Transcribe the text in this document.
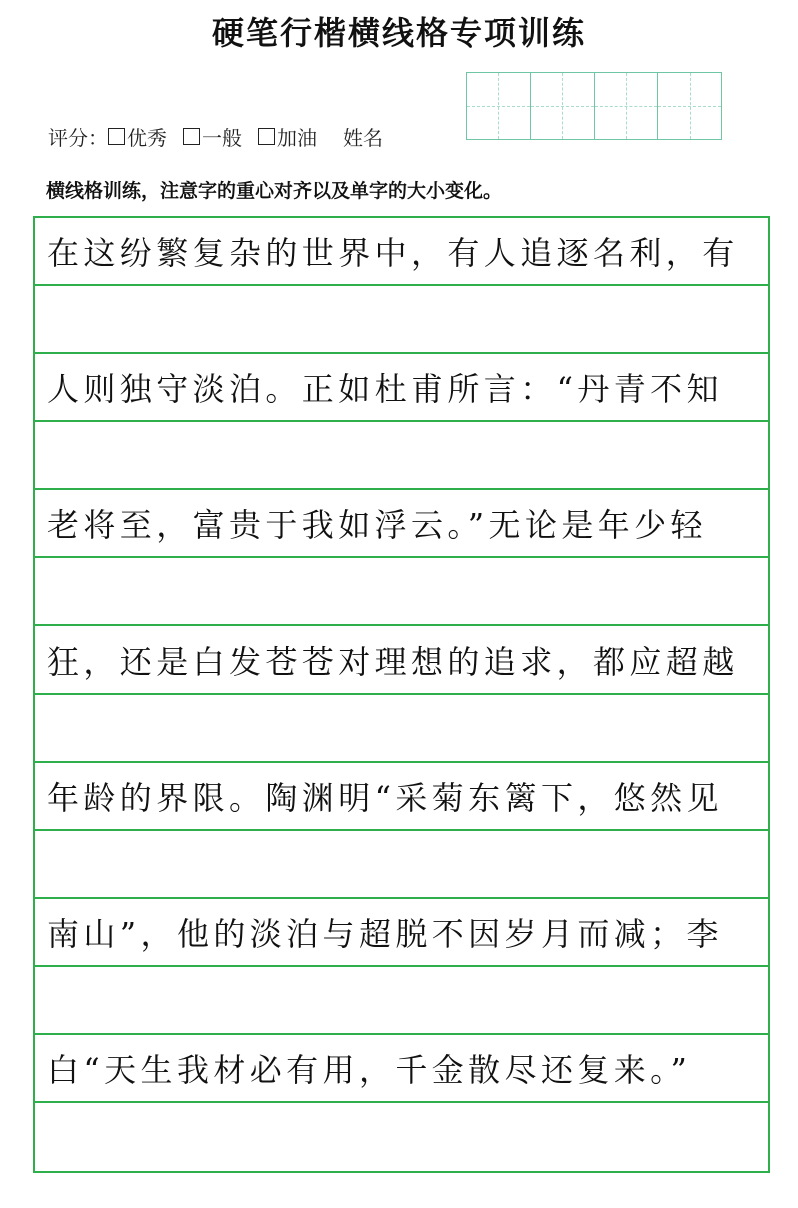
硬笔行楷横线格专项训练
评分： 优秀 一般 加油 姓名
横线格训练，注意字的重心对齐以及单字的大小变化。
在这纷繁复杂的世界中，有人追逐名利，有
人则独守淡泊。正如杜甫所言：“丹青不知
老将至，富贵于我如浮云。”无论是年少轻
狂，还是白发苍苍对理想的追求，都应超越
年龄的界限。陶渊明“采菊东篱下，悠然见
南山”，他的淡泊与超脱不因岁月而减；李
白“天生我材必有用，千金散尽还复来。”
